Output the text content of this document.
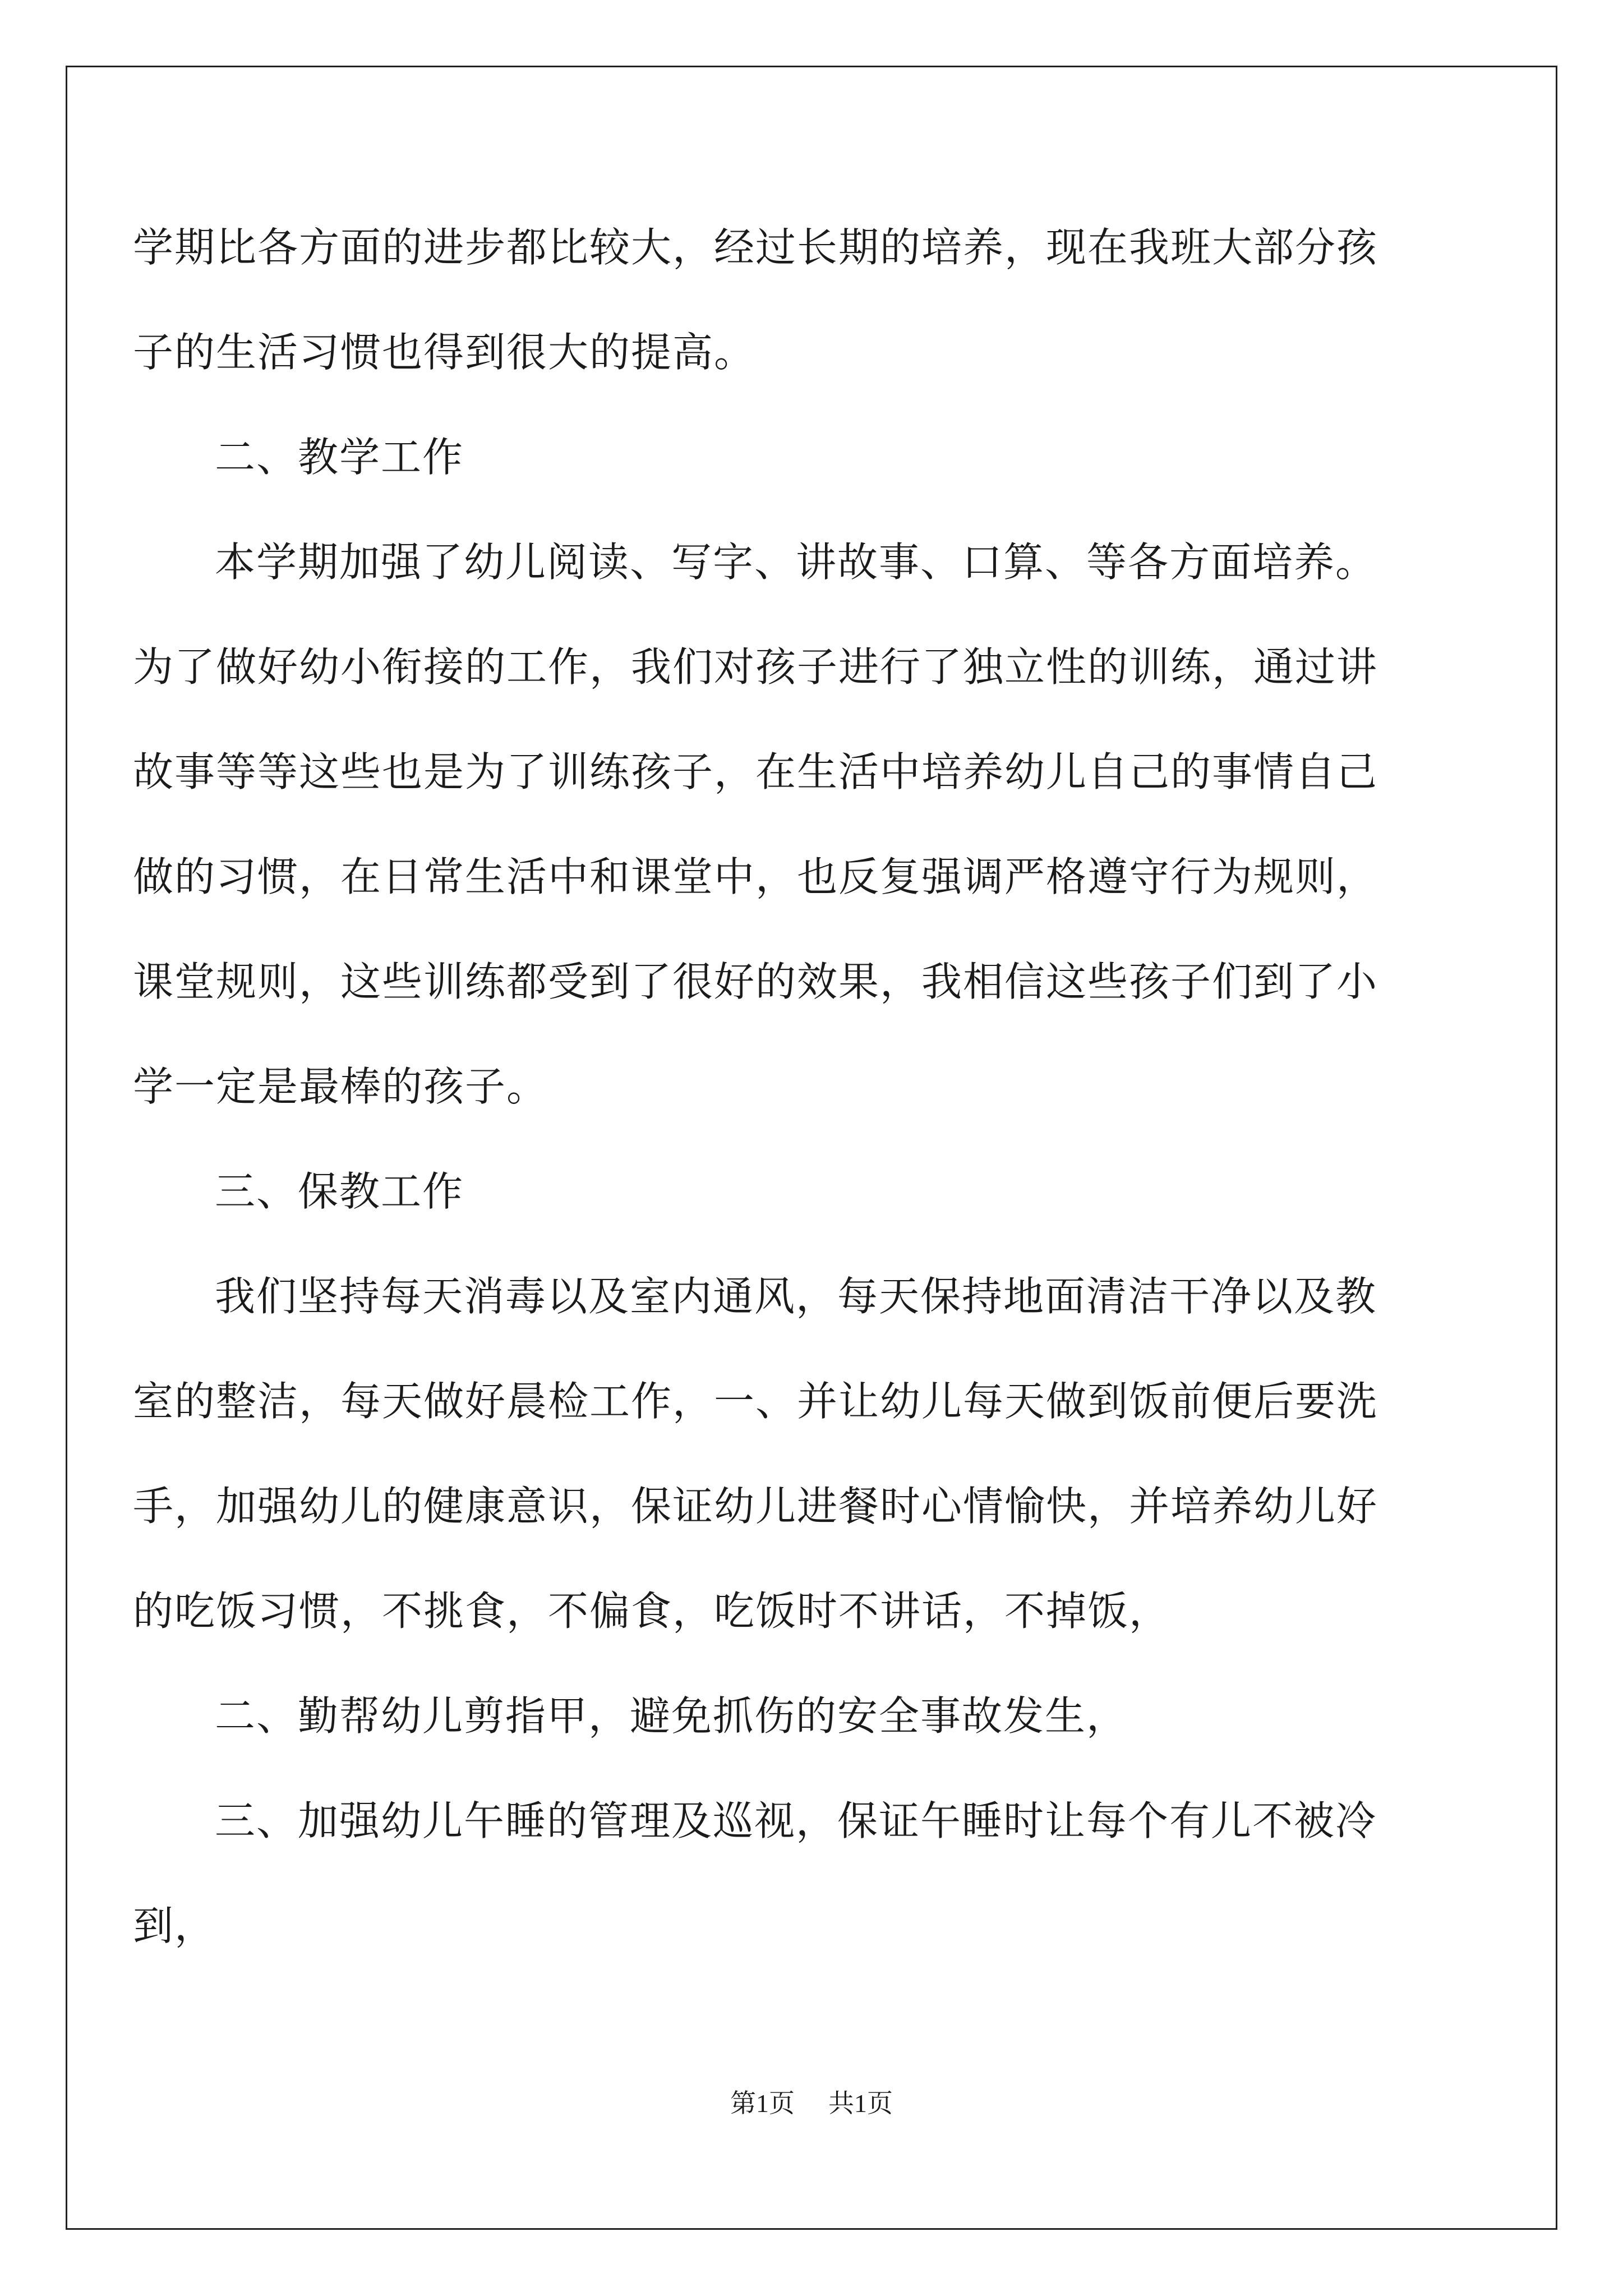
学期比各方面的进步都比较大，经过长期的培养，现在我班大部分孩
子的生活习惯也得到很大的提高。
二、教学工作
本学期加强了幼儿阅读、写字、讲故事、口算、等各方面培养。
为了做好幼小衔接的工作，我们对孩子进行了独立性的训练，通过讲
故事等等这些也是为了训练孩子，在生活中培养幼儿自己的事情自己
做的习惯，在日常生活中和课堂中，也反复强调严格遵守行为规则，
课堂规则，这些训练都受到了很好的效果，我相信这些孩子们到了小
学一定是最棒的孩子。
三、保教工作
我们坚持每天消毒以及室内通风，每天保持地面清洁干净以及教
室的整洁，每天做好晨检工作，一、并让幼儿每天做到饭前便后要洗
手，加强幼儿的健康意识，保证幼儿进餐时心情愉快，并培养幼儿好
的吃饭习惯，不挑食，不偏食，吃饭时不讲话，不掉饭，
二、勤帮幼儿剪指甲，避免抓伤的安全事故发生，
三、加强幼儿午睡的管理及巡视，保证午睡时让每个有儿不被冷
到，
第1页 共1页
